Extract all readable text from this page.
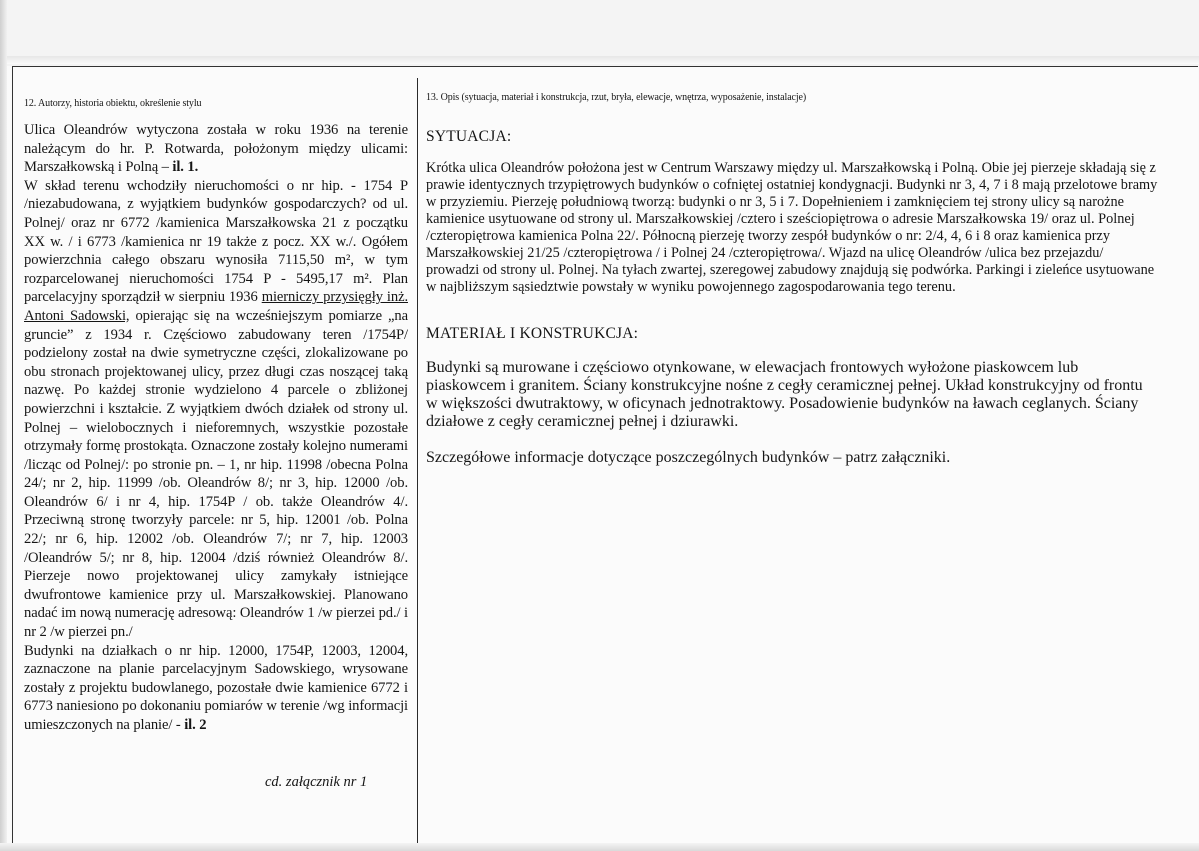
12. Autorzy, historia obiektu, określenie stylu

Ulica Oleandrów wytyczona została w roku 1936 na terenie należącym do hr. P. Rotwarda, położonym między ulicami: Marszałkowską i Polną – il. 1.
W skład terenu wchodziły nieruchomości o nr hip. - 1754 P /niezabudowana, z wyjątkiem budynków gospodarczych? od ul. Polnej/ oraz nr 6772 /kamienica Marszałkowska 21 z początku XX w. / i 6773 /kamienica nr 19 także z pocz. XX w./. Ogółem powierzchnia całego obszaru wynosiła 7115,50 m², w tym rozparcelowanej nieruchomości 1754 P - 5495,17 m². Plan parcelacyjny sporządził w sierpniu 1936 mierniczy przysięgły inż. Antoni Sadowski, opierając się na wcześniejszym pomiarze „na gruncie” z 1934 r. Częściowo zabudowany teren /1754P/ podzielony został na dwie symetryczne części, zlokalizowane po obu stronach projektowanej ulicy, przez długi czas noszącej taką nazwę. Po każdej stronie wydzielono 4 parcele o zbliżonej powierzchni i kształcie. Z wyjątkiem dwóch działek od strony ul. Polnej – wielobocznych i nieforemnych, wszystkie pozostałe otrzymały formę prostokąta. Oznaczone zostały kolejno numerami /licząc od Polnej/: po stronie pn. – 1, nr hip. 11998 /obecna Polna 24/; nr 2, hip. 11999 /ob. Oleandrów 8/; nr 3, hip. 12000 /ob. Oleandrów 6/ i nr 4, hip. 1754P / ob. także Oleandrów 4/. Przeciwną stronę tworzyły parcele: nr 5, hip. 12001 /ob. Polna 22/; nr 6, hip. 12002 /ob. Oleandrów 7/; nr 7, hip. 12003 /Oleandrów 5/; nr 8, hip. 12004 /dziś również Oleandrów 8/. Pierzeje nowo projektowanej ulicy zamykały istniejące dwufrontowe kamienice przy ul. Marszałkowskiej. Planowano nadać im nową numerację adresową: Oleandrów 1 /w pierzei pd./ i nr 2 /w pierzei pn./
Budynki na działkach o nr hip. 12000, 1754P, 12003, 12004, zaznaczone na planie parcelacyjnym Sadowskiego, wrysowane zostały z projektu budowlanego, pozostałe dwie kamienice 6772 i 6773 naniesiono po dokonaniu pomiarów w terenie /wg informacji umieszczonych na planie/ - il. 2

cd. załącznik nr 1
13. Opis (sytuacja, materiał i konstrukcja, rzut, bryła, elewacje, wnętrza, wyposażenie, instalacje)
SYTUACJA:

Krótka ulica Oleandrów położona jest w Centrum Warszawy między ul. Marszałkowską i Polną. Obie jej pierzeje składają się z prawie identycznych trzypiętrowych budynków o cofniętej ostatniej kondygnacji. Budynki nr 3, 4, 7 i 8 mają przelotowe bramy w przyziemiu. Pierzeję południową tworzą: budynki o nr 3, 5 i 7. Dopełnieniem i zamknięciem tej strony ulicy są narożne kamienice usytuowane od strony ul. Marszałkowskiej /cztero i sześciopiętrowa o adresie Marszałkowska 19/ oraz ul. Polnej /czteropiętrowa kamienica Polna 22/. Północną pierzeję tworzy zespół budynków o nr: 2/4, 4, 6 i 8 oraz kamienica przy Marszałkowskiej 21/25 /czteropiętrowa / i Polnej 24 /czteropiętrowa/. Wjazd na ulicę Oleandrów /ulica bez przejazdu/ prowadzi od strony ul. Polnej. Na tyłach zwartej, szeregowej zabudowy znajdują się podwórka. Parkingi i zieleńce usytuowane w najbliższym sąsiedztwie powstały w wyniku powojennego zagospodarowania tego terenu.

MATERIAŁ I KONSTRUKCJA:

Budynki są murowane i częściowo otynkowane, w elewacjach frontowych wyłożone piaskowcem lub piaskowcem i granitem. Ściany konstrukcyjne nośne z cegły ceramicznej pełnej. Układ konstrukcyjny od frontu w większości dwutraktowy, w oficynach jednotraktowy. Posadowienie budynków na ławach ceglanych. Ściany działowe z cegły ceramicznej pełnej i dziurawki.

Szczegółowe informacje dotyczące poszczególnych budynków – patrz załączniki.
